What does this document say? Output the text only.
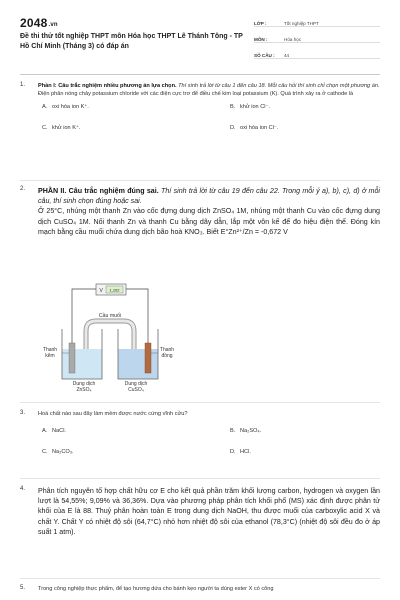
2048.vn
Đề thi thử tốt nghiệp THPT môn Hóa học THPT Lê Thánh Tông - TP Hồ Chí Minh (Tháng 3) có đáp án
LỚP :	Tốt nghiệp THPT
MÔN :	Hóa học
SỐ CÂU :	44
1. Phần I: Câu trắc nghiệm nhiều phương án lựa chọn. Thí sinh trả lời từ câu 1 đến câu 18. Mỗi câu hỏi thí sinh chỉ chọn một phương án.
Điện phân nóng chảy potassium chloride với các điện cực trơ để điều chế kim loại potassium (K). Quá trình xảy ra ở cathode là

A. oxi hóa ion K⁺.	B. khử ion Cl⁻.
C. khử ion K⁺.	D. oxi hóa ion Cl⁻.
2. PHẦN II. Câu trắc nghiệm đúng sai. Thí sinh trả lời từ câu 19 đến câu 22. Trong mỗi ý a), b), c), d) ở mỗi câu, thí sinh chọn đúng hoặc sai.
Ở 25°C, nhúng một thanh Zn vào cốc đựng dung dịch ZnSO₄ 1M, nhúng một thanh Cu vào cốc đựng dung dịch CuSO₄ 1M. Nối thanh Zn và thanh Cu bằng dây dẫn, lắp một vôn kế để đo hiệu điện thế. Đóng kín mạch bằng cầu muối chứa dung dịch bão hoà KNO₃. Biết E°Zn²⁺/Zn = -0,672 V

V 1,102
Cầu muối
Thanh kẽm
Thanh đồng
Dung dịch ZnSO₄
Dung dịch CuSO₄
3. Hoá chất nào sau đây làm mềm được nước cứng vĩnh cửu?

A. NaCl.	B. Na₂SO₄.
C. Na₂CO₃.	D. HCl.
4. Phân tích nguyên tố hợp chất hữu cơ E cho kết quả phần trăm khối lượng carbon, hydrogen và oxygen lần lượt là 54,55%; 9,09% và 36,36%. Dựa vào phương pháp phân tích khối phổ (MS) xác định được phân tử khối của E là 88. Thuỷ phân hoàn toàn E trong dung dịch NaOH, thu được muối của carboxylic acid X và chất Y. Chất Y có nhiệt độ sôi (64,7°C) nhỏ hơn nhiệt độ sôi của ethanol (78,3°C) (nhiệt độ sôi đều đo ở áp suất 1 atm).

5. Trong công nghiệp thực phẩm, để tạo hương dứa cho bánh kẹo người ta dùng ester X có công
